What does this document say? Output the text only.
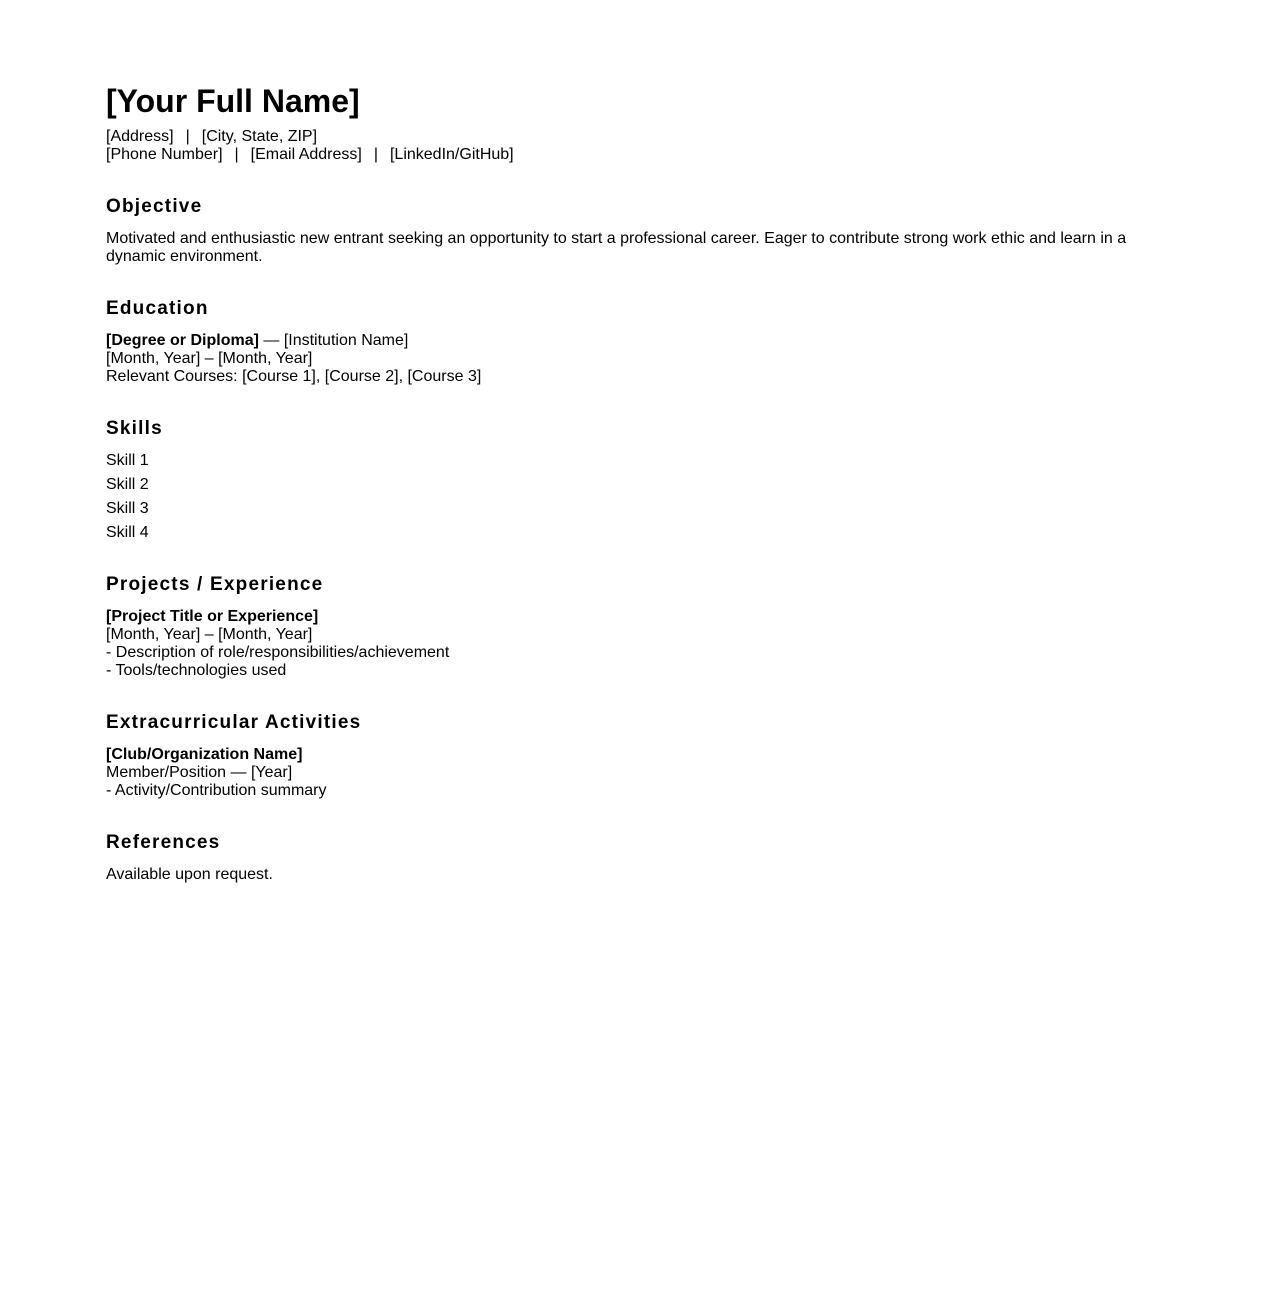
[Your Full Name]
[Address] | [City, State, ZIP]
[Phone Number] | [Email Address] | [LinkedIn/GitHub]
Objective
Motivated and enthusiastic new entrant seeking an opportunity to start a professional career. Eager to contribute strong work ethic and learn in a dynamic environment.
Education
[Degree or Diploma] — [Institution Name]
[Month, Year] – [Month, Year]
Relevant Courses: [Course 1], [Course 2], [Course 3]
Skills
Skill 1
Skill 2
Skill 3
Skill 4
Projects / Experience
[Project Title or Experience]
[Month, Year] – [Month, Year]
- Description of role/responsibilities/achievement
- Tools/technologies used
Extracurricular Activities
[Club/Organization Name]
Member/Position — [Year]
- Activity/Contribution summary
References
Available upon request.
